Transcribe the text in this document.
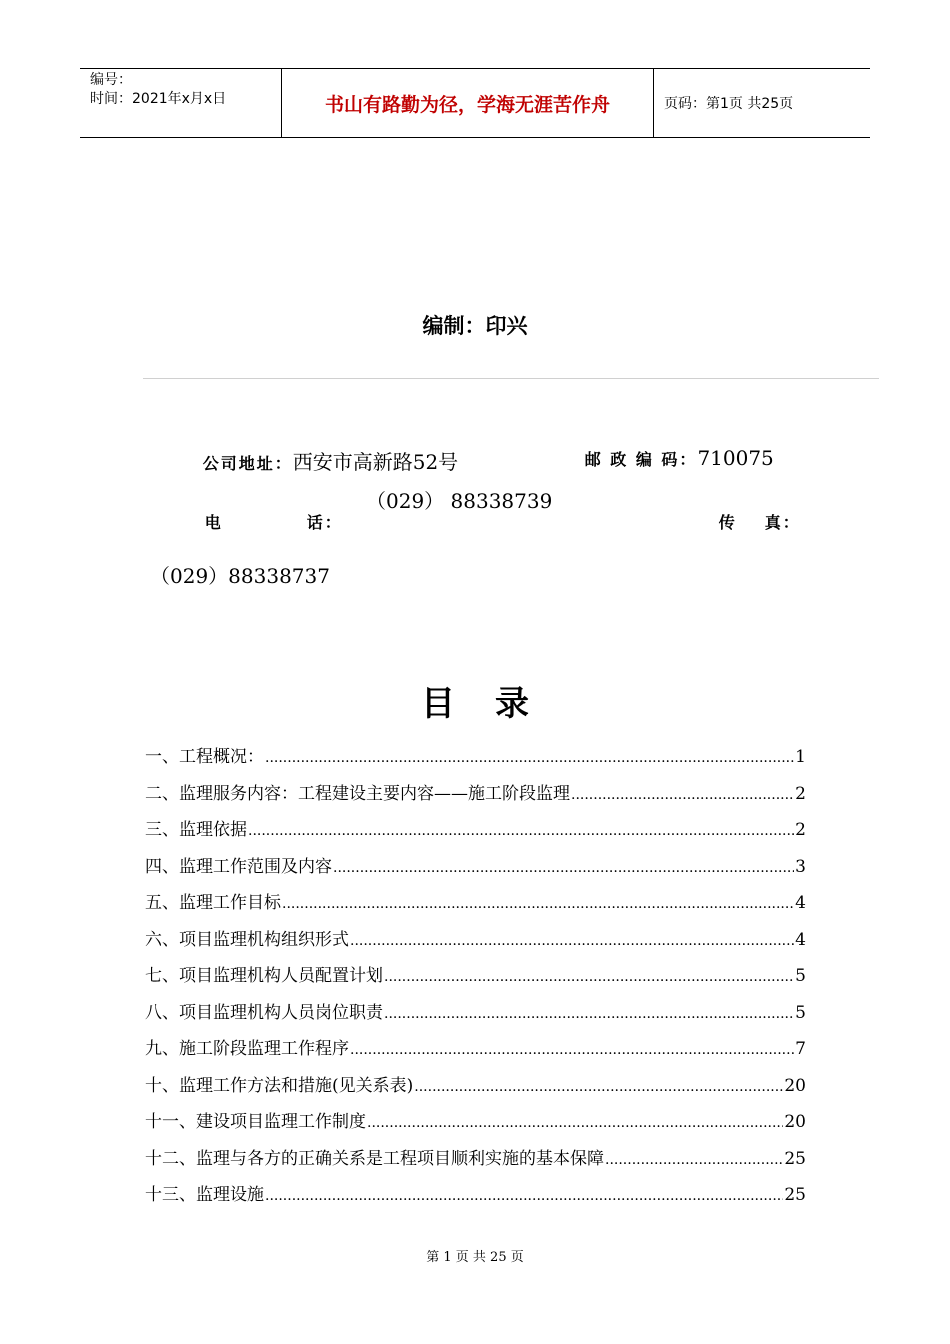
编号：
时间：2021年x月x日	书山有路勤为径，学海无涯苦作舟	页码：第1页 共25页
编制：印兴

公司地址：西安市高新路52号	邮 政 编 码：710075

电	话：

（029） 88338739

传	真：

（029）88338737
目录
一、工程概况： .....	1
二、监理服务内容：工程建设主要内容——施工阶段监理 .....	2
三、监理依据 .....	2
四、监理工作范围及内容 .....	3
五、监理工作目标 .....	4
六、项目监理机构组织形式 .....	4
七、项目监理机构人员配置计划 .....	5
八、项目监理机构人员岗位职责 .....	5
九、施工阶段监理工作程序 .....	7
十、监理工作方法和措施(见关系表) .....	20
十一、建设项目监理工作制度 .....	20
十二、监理与各方的正确关系是工程项目顺利实施的基本保障 .....	25
十三、监理设施 .....	25
第 1 页 共 25 页
